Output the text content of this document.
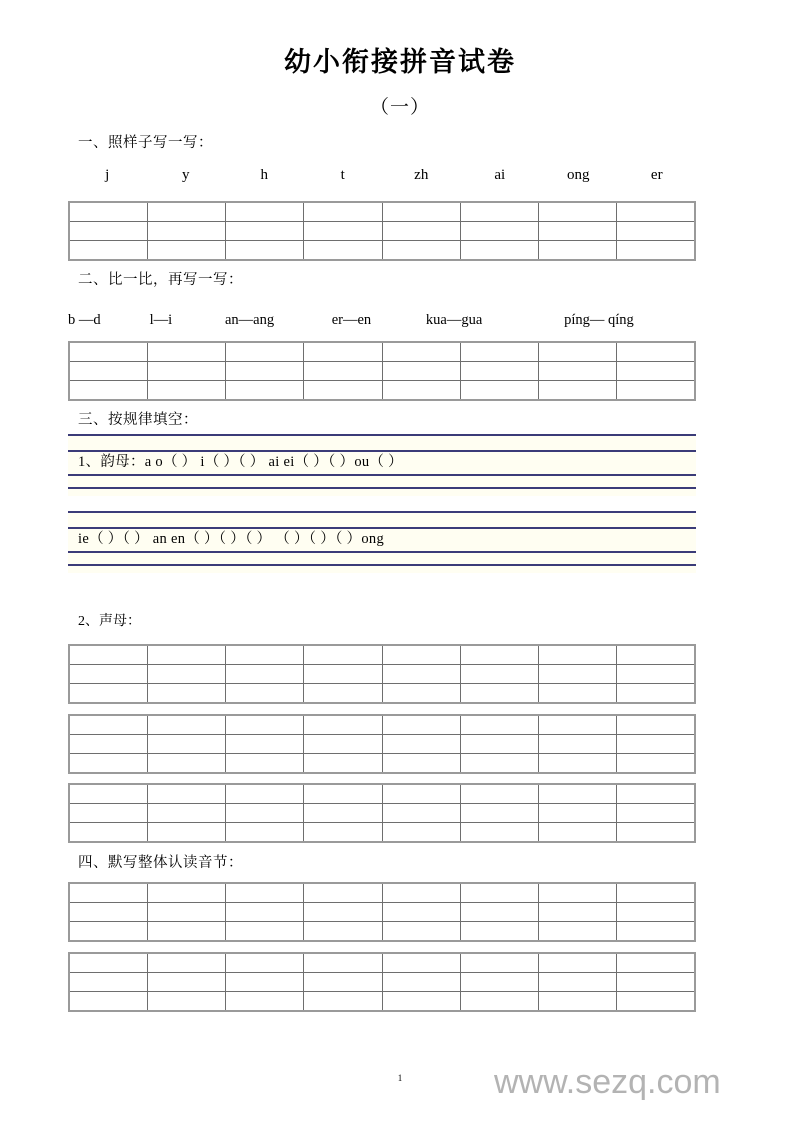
幼小衔接拼音试卷
（一）
一、照样子写一写：
j	y	h	t	zh	ai	ong	er

二、比一比，再写一写：
b —d	l—i	an—ang	er—en	kua—gua	píng— qíng

三、按规律填空：
1、韵母：a o（ ） i（ ）（ ） ai ei（ ）（ ）ou（ ）
ie（ ）（ ） an en（ ）（ ）（ ） （ ）（ ）（ ）ong
2、声母：

四、默写整体认读音节：

1	www.sezq.com
